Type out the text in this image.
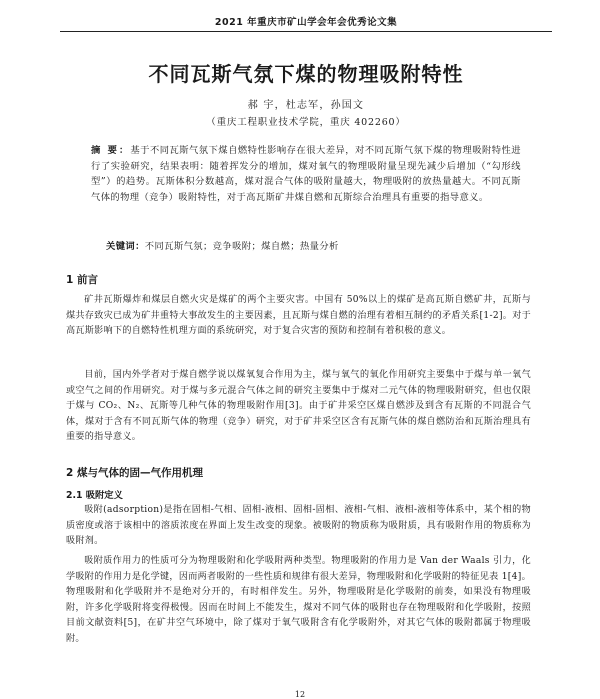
2021 年重庆市矿山学会年会优秀论文集
不同瓦斯气氛下煤的物理吸附特性
郝 宇，杜志军，孙国文
（重庆工程职业技术学院，重庆 402260）
摘 要：基于不同瓦斯气氛下煤自燃特性影响存在很大差异，对不同瓦斯气氛下煤的物理吸附特性进行了实验研究，结果表明：随着挥发分的增加，煤对氧气的物理吸附量呈现先减少后增加（“勾形线型”）的趋势。瓦斯体积分数越高，煤对混合气体的吸附量越大，物理吸附的放热量越大。不同瓦斯气体的物理（竞争）吸附特性，对于高瓦斯矿井煤自燃和瓦斯综合治理具有重要的指导意义。
关键词：不同瓦斯气氛；竞争吸附；煤自燃；热量分析
1 前言
矿井瓦斯爆炸和煤层自燃火灾是煤矿的两个主要灾害。中国有 50%以上的煤矿是高瓦斯自燃矿井，瓦斯与煤共存致灾已成为矿井重特大事故发生的主要因素，且瓦斯与煤自燃的治理有着相互制约的矛盾关系[1-2]。对于高瓦斯影响下的自燃特性机理方面的系统研究，对于复合灾害的预防和控制有着积极的意义。
目前，国内外学者对于煤自燃学说以煤氧复合作用为主，煤与氧气的氧化作用研究主要集中于煤与单一氧气或空气之间的作用研究。对于煤与多元混合气体之间的研究主要集中于煤对二元气体的物理吸附研究，但也仅限于煤与 CO₂、N₂、瓦斯等几种气体的物理吸附作用[3]。由于矿井采空区煤自燃涉及到含有瓦斯的不同混合气体，煤对于含有不同瓦斯气体的物理（竞争）研究，对于矿井采空区含有瓦斯气体的煤自燃防治和瓦斯治理具有重要的指导意义。
2 煤与气体的固—气作用机理
2.1 吸附定义
吸附(adsorption)是指在固相-气相、固相-液相、固相-固相、液相-气相、液相-液相等体系中，某个相的物质密度或溶于该相中的溶质浓度在界面上发生改变的现象。被吸附的物质称为吸附质，具有吸附作用的物质称为吸附剂。
吸附质作用力的性质可分为物理吸附和化学吸附两种类型。物理吸附的作用力是 Van der Waals 引力，化学吸附的作用力是化学键，因而两者吸附的一些性质和规律有很大差异，物理吸附和化学吸附的特征见表 1[4]。物理吸附和化学吸附并不是绝对分开的，有时相伴发生。另外，物理吸附是化学吸附的前奏，如果没有物理吸附，许多化学吸附将变得极慢。因而在时间上不能发生，煤对不同气体的吸附也存在物理吸附和化学吸附，按照目前文献资料[5]，在矿井空气环境中，除了煤对于氧气吸附含有化学吸附外，对其它气体的吸附都属于物理吸附。
12
